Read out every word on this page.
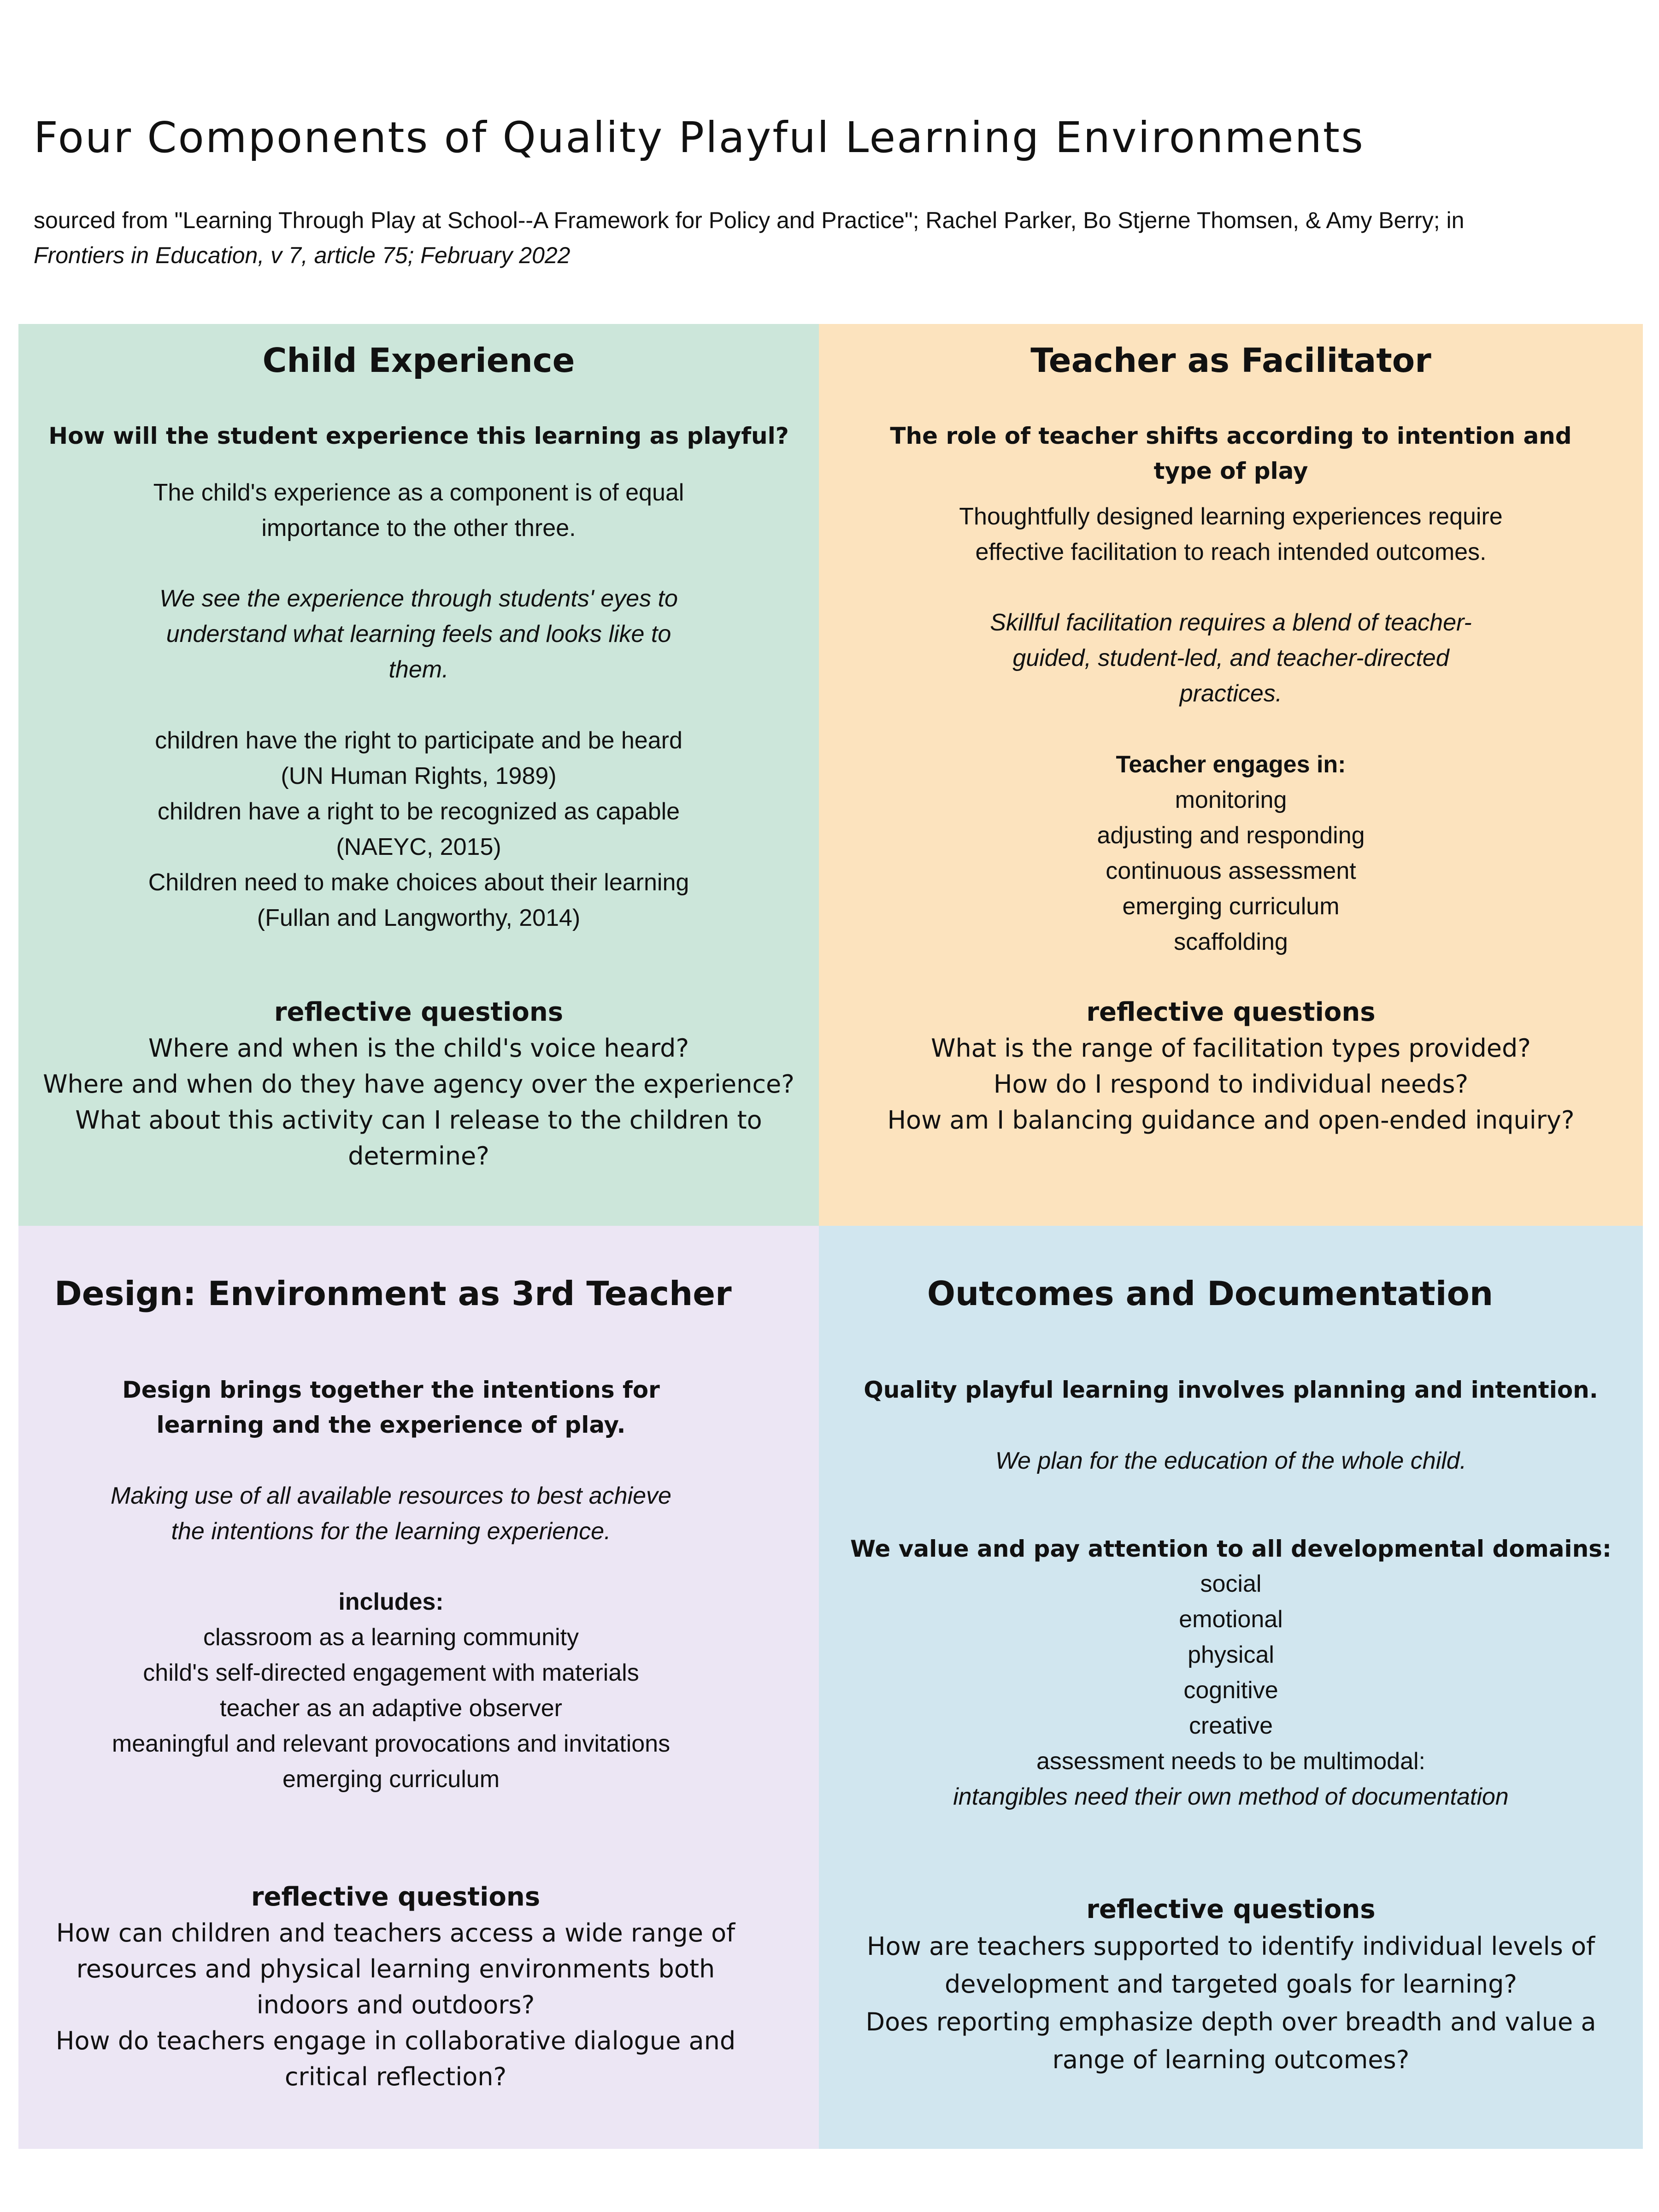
Four Components of Quality Playful Learning Environments
sourced from "Learning Through Play at School--A Framework for Policy and Practice"; Rachel Parker, Bo Stjerne Thomsen, & Amy Berry; in

Frontiers in Education, v 7, article 75; February 2022
Child Experience

How will the student experience this learning as playful?

The child's experience as a component is of equal

importance to the other three.

We see the experience through students' eyes to

understand what learning feels and looks like to

them.

children have the right to participate and be heard

(UN Human Rights, 1989)

children have a right to be recognized as capable

(NAEYC, 2015)

Children need to make choices about their learning

(Fullan and Langworthy, 2014)

reflective questions

Where and when is the child's voice heard?

Where and when do they have agency over the experience?

What about this activity can I release to the children to

determine?

Teacher as Facilitator

The role of teacher shifts according to intention and

type of play

Thoughtfully designed learning experiences require

effective facilitation to reach intended outcomes.

Skillful facilitation requires a blend of teacher-

guided, student-led, and teacher-directed

practices.

Teacher engages in:

monitoring

adjusting and responding

continuous assessment

emerging curriculum

scaffolding

reflective questions

What is the range of facilitation types provided?

How do I respond to individual needs?

How am I balancing guidance and open-ended inquiry?

Design: Environment as 3rd Teacher

Design brings together the intentions for

learning and the experience of play.

Making use of all available resources to best achieve

the intentions for the learning experience.

includes:

classroom as a learning community

child's self-directed engagement with materials

teacher as an adaptive observer

meaningful and relevant provocations and invitations

emerging curriculum

reflective questions

How can children and teachers access a wide range of

resources and physical learning environments both

indoors and outdoors?

How do teachers engage in collaborative dialogue and

critical reflection?

Outcomes and Documentation

Quality playful learning involves planning and intention.

We plan for the education of the whole child.

We value and pay attention to all developmental domains:

social

emotional

physical

cognitive

creative

assessment needs to be multimodal:

intangibles need their own method of documentation

reflective questions

How are teachers supported to identify individual levels of

development and targeted goals for learning?

Does reporting emphasize depth over breadth and value a

range of learning outcomes?
